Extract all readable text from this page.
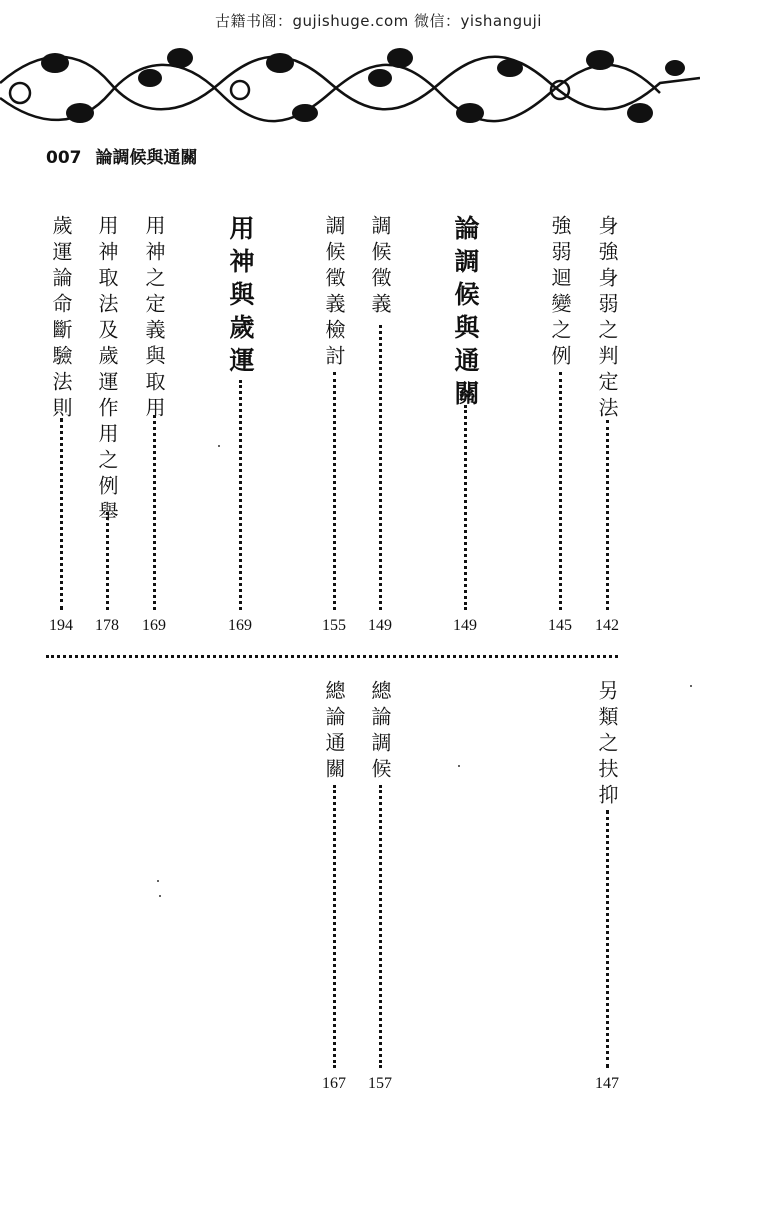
古籍书阁：gujishuge.com 微信：yishanguji
007 論調候與通關
身強身弱之判定法
142
強弱迴變之例
145
論調候與通關
149
調候徵義
149
調候徵義檢討
155
用神與歲運
169
用神之定義與取用
169
用神取法及歲運作用之例舉
178
歲運論命斷驗法則
194
另類之扶抑
147
總論調候
157
總論通關
167
